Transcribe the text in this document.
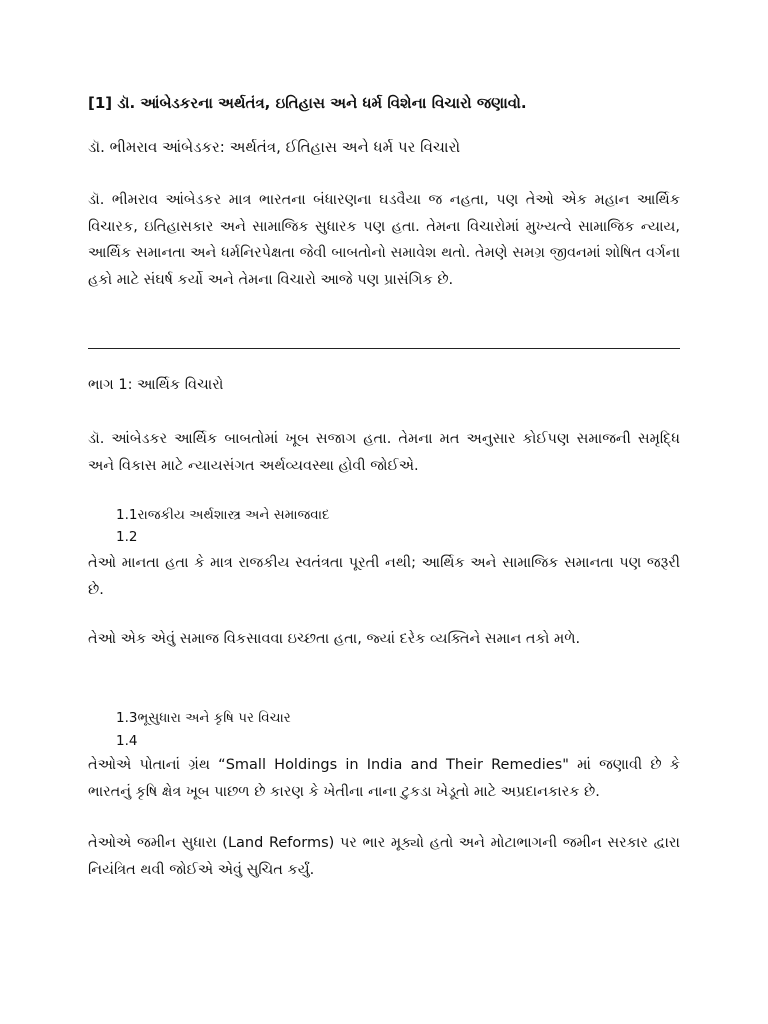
[1] ડૉ. આંબેડકરના અર્થતંત્ર, ઇતિહાસ અને ધર્મ વિશેના વિચારો જણાવો.
ડૉ. ભીમરાવ આંબેડકર: અર્થતંત્ર, ઈતિહાસ અને ધર્મ પર વિચારો

ડૉ. ભીમરાવ આંબેડકર માત્ર ભારતના બંધારણના ઘડવૈયા જ નહતા, પણ તેઓ એક મહાન આર્થિક વિચારક, ઇતિહાસકાર અને સામાજિક સુધારક પણ હતા. તેમના વિચારોમાં મુખ્યત્વે સામાજિક ન્યાય, આર્થિક સમાનતા અને ધર્મનિરપેક્ષતા જેવી બાબતોનો સમાવેશ થતો. તેમણે સમગ્ર જીવનમાં શોષિત વર્ગના હકો માટે સંઘર્ષ કર્યો અને તેમના વિચારો આજે પણ પ્રાસંગિક છે.

ભાગ 1: આર્થિક વિચારો

ડૉ. આંબેડકર આર્થિક બાબતોમાં ખૂબ સજાગ હતા. તેમના મત અનુસાર કોઈપણ સમાજની સમૃદ્ધિ અને વિકાસ માટે ન્યાયસંગત અર્થવ્યવસ્થા હોવી જોઈએ.

1.1રાજકીય અર્થશાસ્ત્ર અને સમાજવાદ
1.2

તેઓ માનતા હતા કે માત્ર રાજકીય સ્વતંત્રતા પૂરતી નથી; આર્થિક અને સામાજિક સમાનતા પણ જરૂરી છે.

તેઓ એક એવું સમાજ વિકસાવવા ઇચ્છતા હતા, જ્યાં દરેક વ્યક્તિને સમાન તકો મળે.

1.3ભૂસુધારા અને કૃષિ પર વિચાર
1.4

તેઓએ પોતાનાં ગ્રંથ “Small Holdings in India and Their Remedies" માં જણાવી છે કે ભારતનું કૃષિ ક્ષેત્ર ખૂબ પાછળ છે કારણ કે ખેતીના નાના ટુકડા ખેડૂતો માટે અપ્રદાનકારક છે.

તેઓએ જમીન સુધારા (Land Reforms) પર ભાર મૂક્યો હતો અને મોટાભાગની જમીન સરકાર દ્વારા નિયંત્રિત થવી જોઈએ એવું સુચિત કર્યું.
